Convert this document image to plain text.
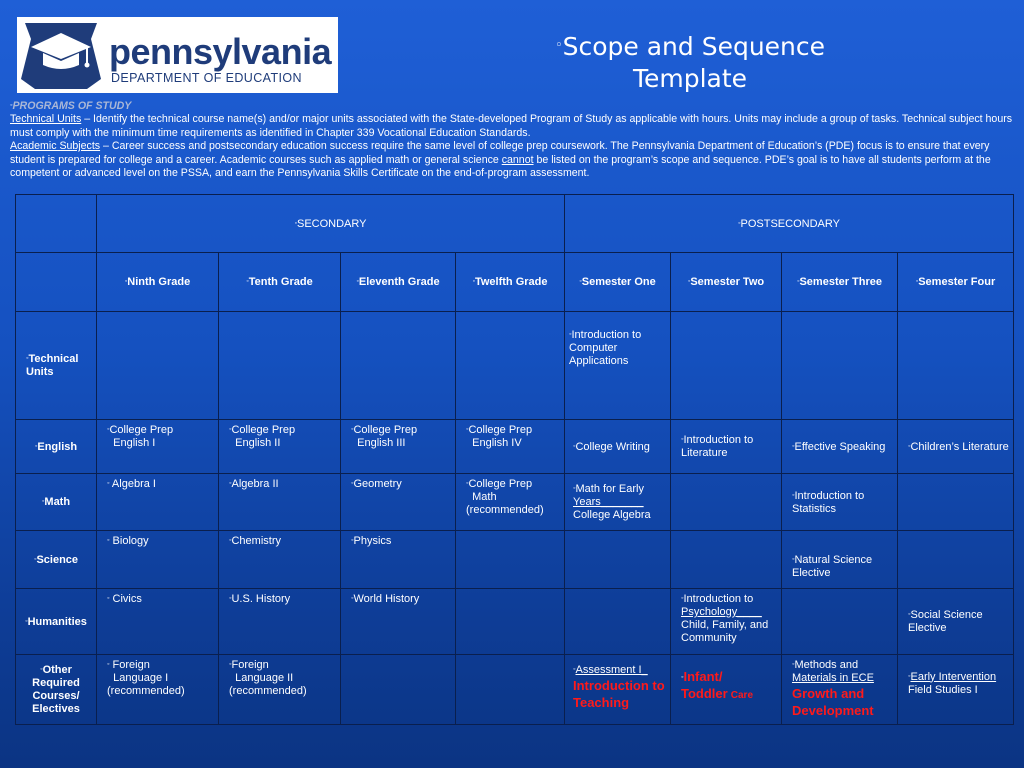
pennsylvania
DEPARTMENT OF EDUCATION
◦Scope and Sequence
Template
◦PROGRAMS OF STUDY
Technical Units – Identify the technical course name(s) and/or major units associated with the State-developed Program of Study as applicable with hours. Units may include a group of tasks. Technical subject hours must comply with the minimum time requirements as identified in Chapter 339 Vocational Education Standards.
Academic Subjects – Career success and postsecondary education success require the same level of college prep coursework. The Pennsylvania Department of Education’s (PDE) focus is to ensure that every student is prepared for college and a career. Academic courses such as applied math or general science cannot be listed on the program’s scope and sequence. PDE’s goal is to have all students perform at the competent or advanced level on the PSSA, and earn the Pennsylvania Skills Certificate on the end-of-program assessment.
	◦SECONDARY				◦POSTSECONDARY			
	◦Ninth Grade	◦Tenth Grade	◦Eleventh Grade	◦Twelfth Grade	◦Semester One	◦Semester Two	◦Semester Three	◦Semester Four
◦Technical Units					◦Introduction to Computer Applications			
◦English	◦College Prep
English I	◦College Prep
English II	◦College Prep
English III	◦College Prep
English IV	◦College Writing	◦Introduction to Literature	◦Effective Speaking	◦Children’s Literature
◦Math	◦ Algebra I	◦Algebra II	◦Geometry	◦College Prep
Math
(recommended)	◦Math for Early
Years_______
College Algebra		◦Introduction to Statistics	
◦Science	◦ Biology	◦Chemistry	◦Physics				◦Natural Science Elective	
◦Humanities	◦ Civics	◦U.S. History	◦World History			◦Introduction to
Psychology____
Child, Family, and Community		◦Social Science Elective
◦Other Required Courses/ Electives	◦ Foreign
Language I
(recommended)	◦Foreign
Language II
(recommended)			◦Assessment I_
Introduction to Teaching	◦Infant/
Toddler Care	◦Methods and
Materials in ECE
Growth and Development	◦Early Intervention
Field Studies I
